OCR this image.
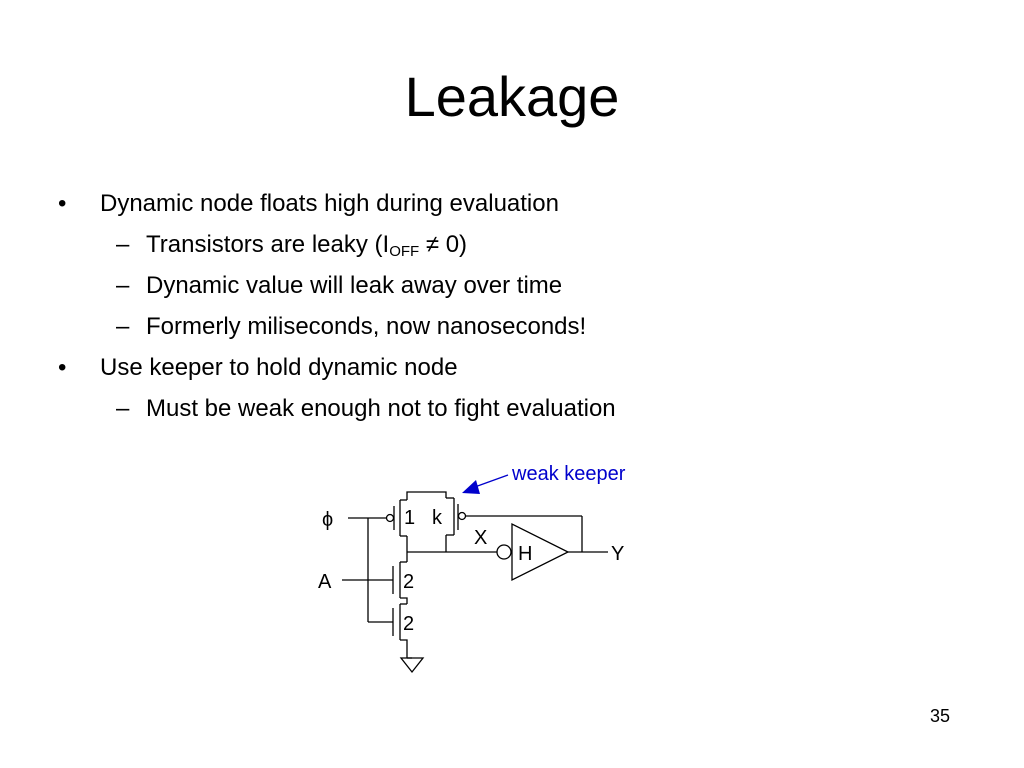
Leakage
• Dynamic node floats high during evaluation
– Transistors are leaky $(I_{OFF} \ne 0)$
– Dynamic value will leak away over time
– Formerly miliseconds, now nanoseconds!
• Use keeper to hold dynamic node
– Must be weak enough not to fight evaluation
weak keeper
ϕ	1 k
X
H	Y
A	2
2
35
